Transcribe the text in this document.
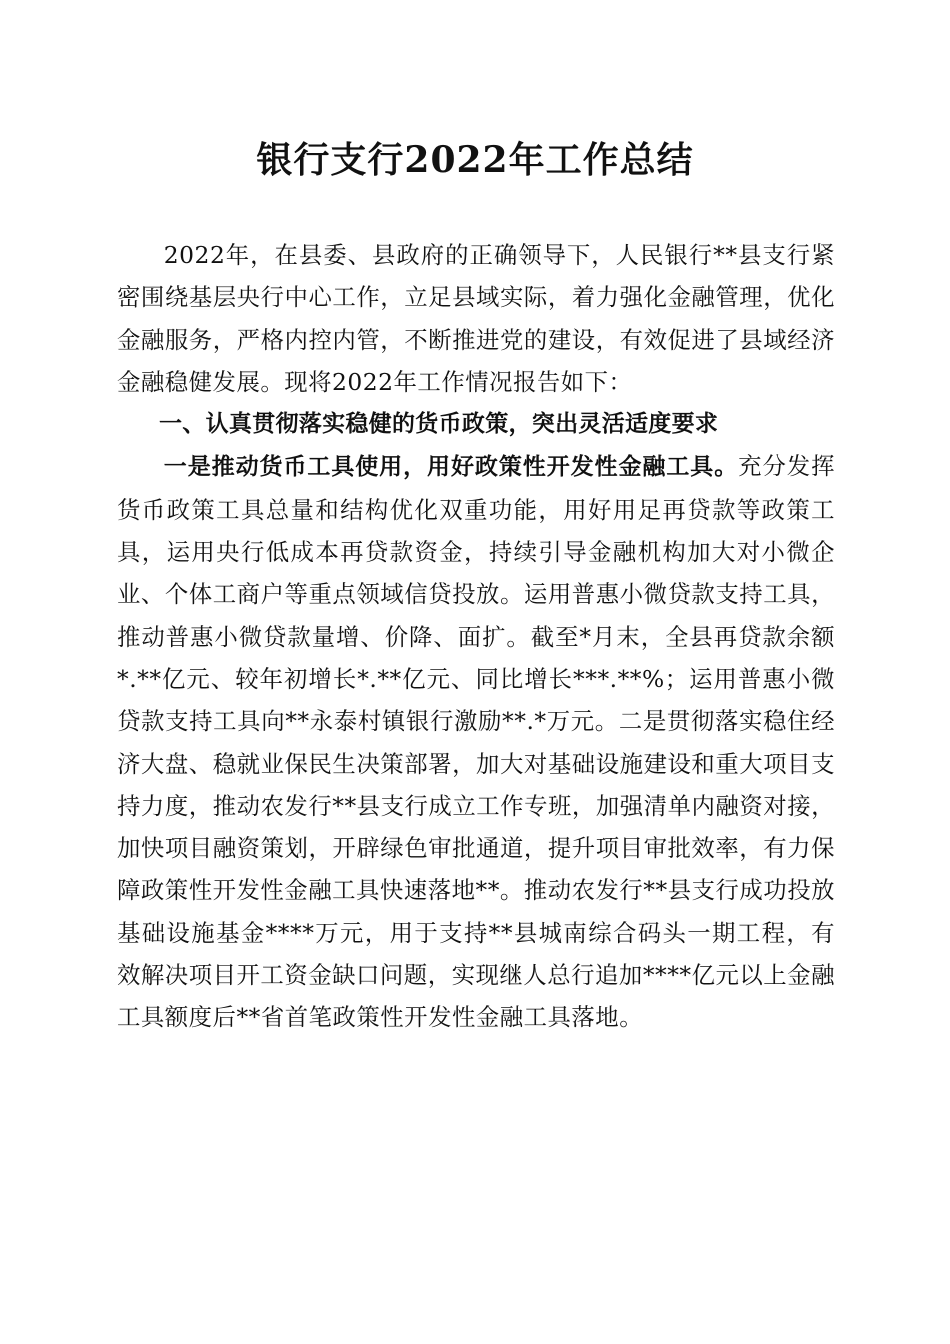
银行支行2022年工作总结

2022年，在县委、县政府的正确领导下，人民银行**县支行紧密围绕基层央行中心工作，立足县域实际，着力强化金融管理，优化金融服务，严格内控内管，不断推进党的建设，有效促进了县域经济金融稳健发展。现将2022年工作情况报告如下：

一、认真贯彻落实稳健的货币政策，突出灵活适度要求

一是推动货币工具使用，用好政策性开发性金融工具。充分发挥货币政策工具总量和结构优化双重功能，用好用足再贷款等政策工具，运用央行低成本再贷款资金，持续引导金融机构加大对小微企业、个体工商户等重点领域信贷投放。运用普惠小微贷款支持工具，推动普惠小微贷款量增、价降、面扩。截至*月末，全县再贷款余额*.**亿元、较年初增长*.**亿元、同比增长***.**%；运用普惠小微贷款支持工具向**永泰村镇银行激励**.*万元。二是贯彻落实稳住经济大盘、稳就业保民生决策部署，加大对基础设施建设和重大项目支持力度，推动农发行**县支行成立工作专班，加强清单内融资对接，加快项目融资策划，开辟绿色审批通道，提升项目审批效率，有力保障政策性开发性金融工具快速落地**。推动农发行**县支行成功投放基础设施基金****万元，用于支持**县城南综合码头一期工程，有效解决项目开工资金缺口问题，实现继人总行追加****亿元以上金融工具额度后**省首笔政策性开发性金融工具落地。
